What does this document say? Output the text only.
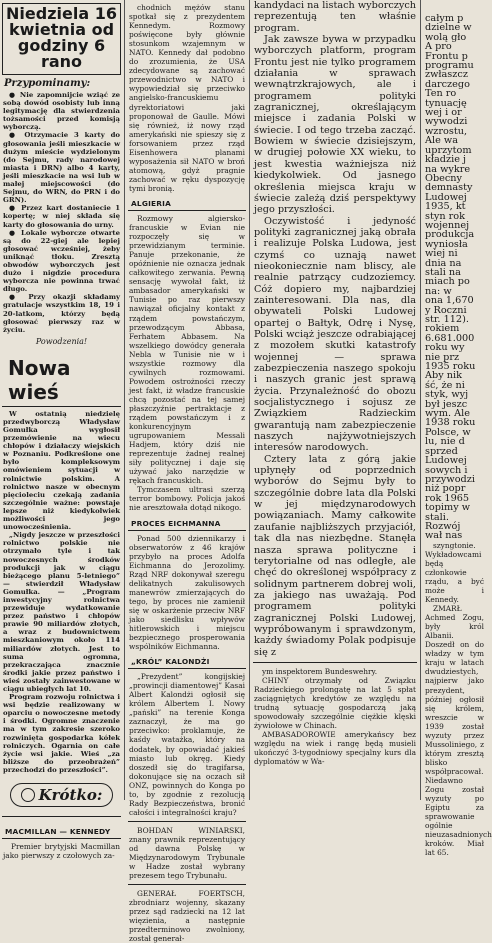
Niedziela 16 kwietnia od godziny 6 rano
Przypominamy:

● Nie zapomnijcie wziąć ze sobą dowód osobisty lub inną legitymację dla stwierdzenia tożsamości przed komisją wyborczą.

● Otrzymacie 3 karty do głosowania jeśli mieszkacie w dużym mieście wydzielonym (do Sejmu, rady narodowej miasta i DRN) albo 4 karty, jeśli mieszkacie na wsi lub w małej miejscowości (do Sejmu, do WRN, do PRN i do GRN).

● Przez kart dostaniecie 1 kopertę; w niej składa się karty do głosowania do urny.

● Lokale wyborcze otwarte są do 22-giej ale lepiej głosować wcześniej, żeby uniknąć tłoku. Zresztą obwodów wyborczych jest dużo i nigdzie procedura wyborcza nie powinna trwać długo.

● Przy okazji składamy gratulacje wszystkim 18, 19 i 20-latkom, którzy będą głosować pierwszy raz w życiu.

Powodzenia!

Nowa wieś

W ostatnią niedzielę przedwyborczą Władysław Gomułka wygłosił przemówienie na wiecu chłopów i działaczy wiejskich w Poznaniu. Podkreślone one było kompleksowym omówieniem sytuacji w rolnictwie polskim. A rolnictwo nasze w obecnym pięcioleciu czekają zadania szczególnie ważne: powstaje lepsze niż kiedykolwiek możliwości jego unowocześnienia.

„Nigdy jeszcze w przeszłości rolnictwo polskie nie otrzymało tyle i tak nowoczesnych środków produkcji jak w ciągu bieżącego planu 5-letniego” — stwierdził Władysław Gomułka. — „Program inwestycyjny rolnictwa przewiduje wydatkowanie przez państwo i chłopów prawie 90 miliardów złotych, a wraz z budownictwem mieszkaniowym około 114 miliardów złotych. Jest to suma ogromna, przekraczająca znacznie środki jakie przez państwo i wieś zostały zainwestowane w ciągu ubiegłych lat 10.

Program rozwoju rolnictwa i wsi będzie realizowany w oparciu o nowoczesne metody i środki. Ogromne znaczenie ma w tym zakresie szeroko rozwinięta gospodarka kółek rolniczych. Ogarnia on całe życie wsi jakie. Wieś „za bliższe do przeobrażeń” przechodzi do przeszłości”.

Krótko:
MACMILLAN — KENNEDY

Premier brytyjski Macmillan jako pierwszy z czołowych za-

chodnich mężów stanu spotkał się z prezydentem Kennedym. Rozmowy poświęcone były głównie stosunkom wzajemnym w NATO. Kennedy dał podobno do zrozumienia, że USA zdecydowane są zachować przewodnictwo w NATO i wypowiedział się przeciwko angielsko-francuskiemu dyrektoriatowi jaki proponował de Gaulle. Mówi się również, iż nowy rząd amerykański nie spieszy się z forsowaniem przez rząd Eisenhowera planami wyposażenia sił NATO w broń atomową, gdyż pragnie zachować w ręku dyspozycję tymi bronią.

ALGIERIA

Rozmowy algiersko-francuskie w Evian nie rozpoczęły się w przewidzianym terminie. Panuje przekonanie, że opóźnienie nie oznacza jednak całkowitego zerwania. Pewną sensację wywołał fakt, iż ambasador amerykański w Tunisie po raz pierwszy nawiązał oficjalny kontakt z rządem powstańczym, przewodzącym Abbasa, Ferhatem Abbasem. Na wszelkiego dowódcy generała Nebla w Tunisie nie w i wszystkie rozmowy dla cywilnych rozmowami. Powodem ostrożności rzeczy jest fakt, iż władze francuskie chcą pozostać na tej samej płaszczyźnie pertraktacje z rządem powstańczym i z konkurencyjnym ugrupowaniem Messali Hadjem, który dziś nie reprezentuje żadnej realnej siły politycznej i daje się używać jako narzędzie w rękach francuskich.

Tymczasem ultrasi szerzą terror bombowy. Policja jakoś nie aresztowała dotąd nikogo.

PROCES EICHMANNA

Ponad 500 dziennikarzy i obserwatorów z 46 krajów przybyło na proces Adolfa Eichmanna do Jerozolimy. Rząd NRF dokonywał szeregu delikatnych zakulisowych manewrów zmierzających do tego, by proces nie zamienił się w oskarżenie przeciw NRF jako siedlisku wpływów hitlerowskich i miejscu bezpiecznego prosperowania wspólników Eichmanna.

„KRÓL” KALONDŻI

„Prezydent” kongijskiej „prowincji diamentowej” Kasai Albert Kalondżi ogłosił się królem Albertem I. Nowy „pański” na terenie Konga zaznaczył, że ma go przeciwko: proklamuje, że kaśdy watażka, który na dodatek, by opowiadać jakieś miasto lub okręg. Kiedy doszedł się do tragifarsa, dokonujące się na oczach sił ONZ, powinnych do Konga po to, by zgodnie z rezolucją Rady Bezpieczeństwa, bronić całości i integralności kraju?

BOHDAN WINIARSKI, znany prawnik reprezentujący od dawna Polskę w Międzynarodowym Trybunale w Hadze został wybrany prezesem tego Trybunału.

GENERAŁ FOERTSCH, zbrodniarz wojenny, skazany przez sąd radziecki na 12 lat więzienia, a następnie przedterminowo zwolniony, został generał-

kandydaci na listach wyborczych reprezentują ten właśnie program.

Jak zawsze bywa w przypadku wyborczych platform, program Frontu jest nie tylko programem działania w sprawach wewnątrzkrajowych, ale i programem polityki zagranicznej, określającym miejsce i zadania Polski w świecie. I od tego trzeba zacząć. Bowiem w świecie dzisiejszym, w drugiej połowie XX wieku, to jest kwestia ważniejsza niż kiedykolwiek. Od jasnego określenia miejsca kraju w świecie zależą dziś perspektywy jego przyszłości.

Oczywistość i jedyność polityki zagranicznej jaką obrała i realizuje Polska Ludowa, jest czymś co uznają nawet nieokoniecznie nam bliscy, ale realnie patrzący cudzoziemcy. Cóż dopiero my, najbardziej zainteresowani. Dla nas, dla obywateli Polski Ludowej opartej o Bałtyk, Odrę i Nysę, Polski wciąż jeszcze odrabiającej z mozołem skutki katastrofy wojennej — sprawa zabezpieczenia naszego spokoju i naszych granic jest sprawą życia. Przynależność do obozu socjalistycznego i sojusz ze Związkiem Radzieckim gwarantują nam zabezpieczenie naszych najżywotniejszych interesów narodowych.

Cztery lata z górą jakie upłynęły od poprzednich wyborów do Sejmu były to szczególnie dobre lata dla Polski w jej międzynarodowych powiązaniach. Mamy całkowite zaufanie najbliższych przyjaciół, tak dla nas niezbędne. Stanęła nasza sprawa polityczne i terytorialne od nas odległe, ale chęć do określonej współpracy z solidnym partnerem dobrej woli, za jakiego nas uważają. Pod programem polityki zagranicznej Polski Ludowej, wypróbowanym i sprawdzonym, każdy świadomy Polak podpisuje się z

ym inspektorem Bundeswehry.

CHINY otrzymały od Związku Radzieckiego prolongatę na lat 5 spłat zaciągniętych kredytów ze względu na trudną sytuację gospodarczą jaką spowodowały szczególnie ciężkie klęski żywiołowe w Chinach.

AMBASADOROWIE amerykańscy bez względu na wiek i rangę będą musieli ukończyć 3-tygodniowy specjalny kurs dla dyplomatów w Wa-

całym p
dzielne w
wolą gło
A pro
Frontu p
programu
zwłaszcz
darczego
Ten ro
tynuację
wej i or
wywodzi
wzrostu,
Ale wa
uprzytom
kładzie j
na wykre
Obecny
demnasty
Ludowej
1935, kt
styn rok
wojennej
produkcja
wyniosła
wiej ni
dnia na
stali na
miach po
na: w
ona 1,670
y Roczni
str. 112).
rokiem
6.681.000
roku wy
nie prz
1935 roku
Aby nik
ść, że ni
styk, wyj
był jeszc
wym. Ale
1938 roku
Polsce, w
lu, nie d
sprzed
Ludowej
sowych i
przywodzi
niż popr
rok 1965
topimy w
stali.
Rozwój
wał nas

szyngtonie. Wykładowcami będą członkowie rządu, a być może i Kennedy.

ZMARŁ Achmed Zogu, były król Albanii. Doszedł on do władzy w tym kraju w latach dwudziestych, najpierw jako prezydent, później ogłosił się królem, wreszcie w 1939 został wyzuty przez Mussoliniego, z którym zresztą blisko współpracował. Niedawno Zogu został wyzuty po Egiptu za sprawowanie ogólnie nieuzasadnionych kroków. Miał lat 65.
